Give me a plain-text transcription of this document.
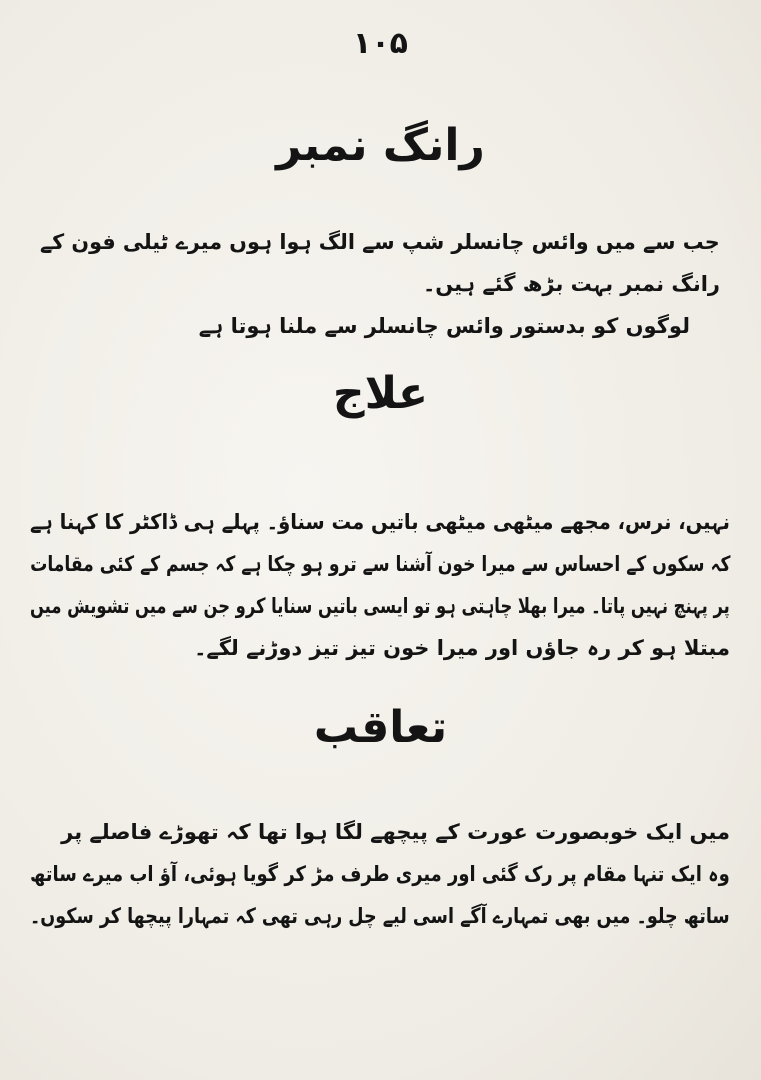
۱۰۵
رانگ نمبر
جب سے میں وائس چانسلر شپ سے الگ ہوا ہوں میرے ٹیلی فون کے
رانگ نمبر بہت بڑھ گئے ہیں۔
لوگوں کو بدستور وائس چانسلر سے ملنا ہوتا ہے
علاج
نہیں، نرس، مجھے میٹھی میٹھی باتیں مت سناؤ۔ پہلے ہی ڈاکٹر کا کہنا ہے
کہ سکوں کے احساس سے میرا خون آشنا سے ترو ہو چکا ہے کہ جسم کے کئی مقامات
پر پہنچ نہیں پاتا۔ میرا بھلا چاہتی ہو تو ایسی باتیں سنایا کرو جن سے میں تشویش میں
مبتلا ہو کر رہ جاؤں اور میرا خون تیز تیز دوڑنے لگے۔
تعاقب
میں ایک خوبصورت عورت کے پیچھے لگا ہوا تھا کہ تھوڑے فاصلے پر
وہ ایک تنہا مقام پر رک گئی اور میری طرف مڑ کر گویا ہوئی، آؤ اب میرے ساتھ
ساتھ چلو۔ میں بھی تمہارے آگے اسی لیے چل رہی تھی کہ تمہارا پیچھا کر سکوں۔
